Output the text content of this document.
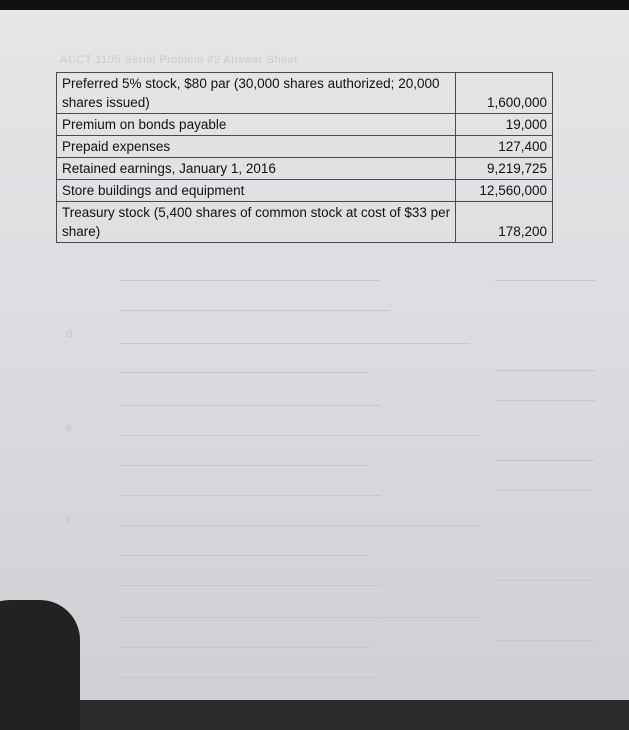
ACCT 1105 Serial Problem #2 Answer Sheet
d
e
f
Preferred 5% stock, $80 par (30,000 shares authorized; 20,000 shares issued)	1,600,000
Premium on bonds payable	19,000
Prepaid expenses	127,400
Retained earnings, January 1, 2016	9,219,725
Store buildings and equipment	12,560,000
Treasury stock (5,400 shares of common stock at cost of $33 per share)	178,200
